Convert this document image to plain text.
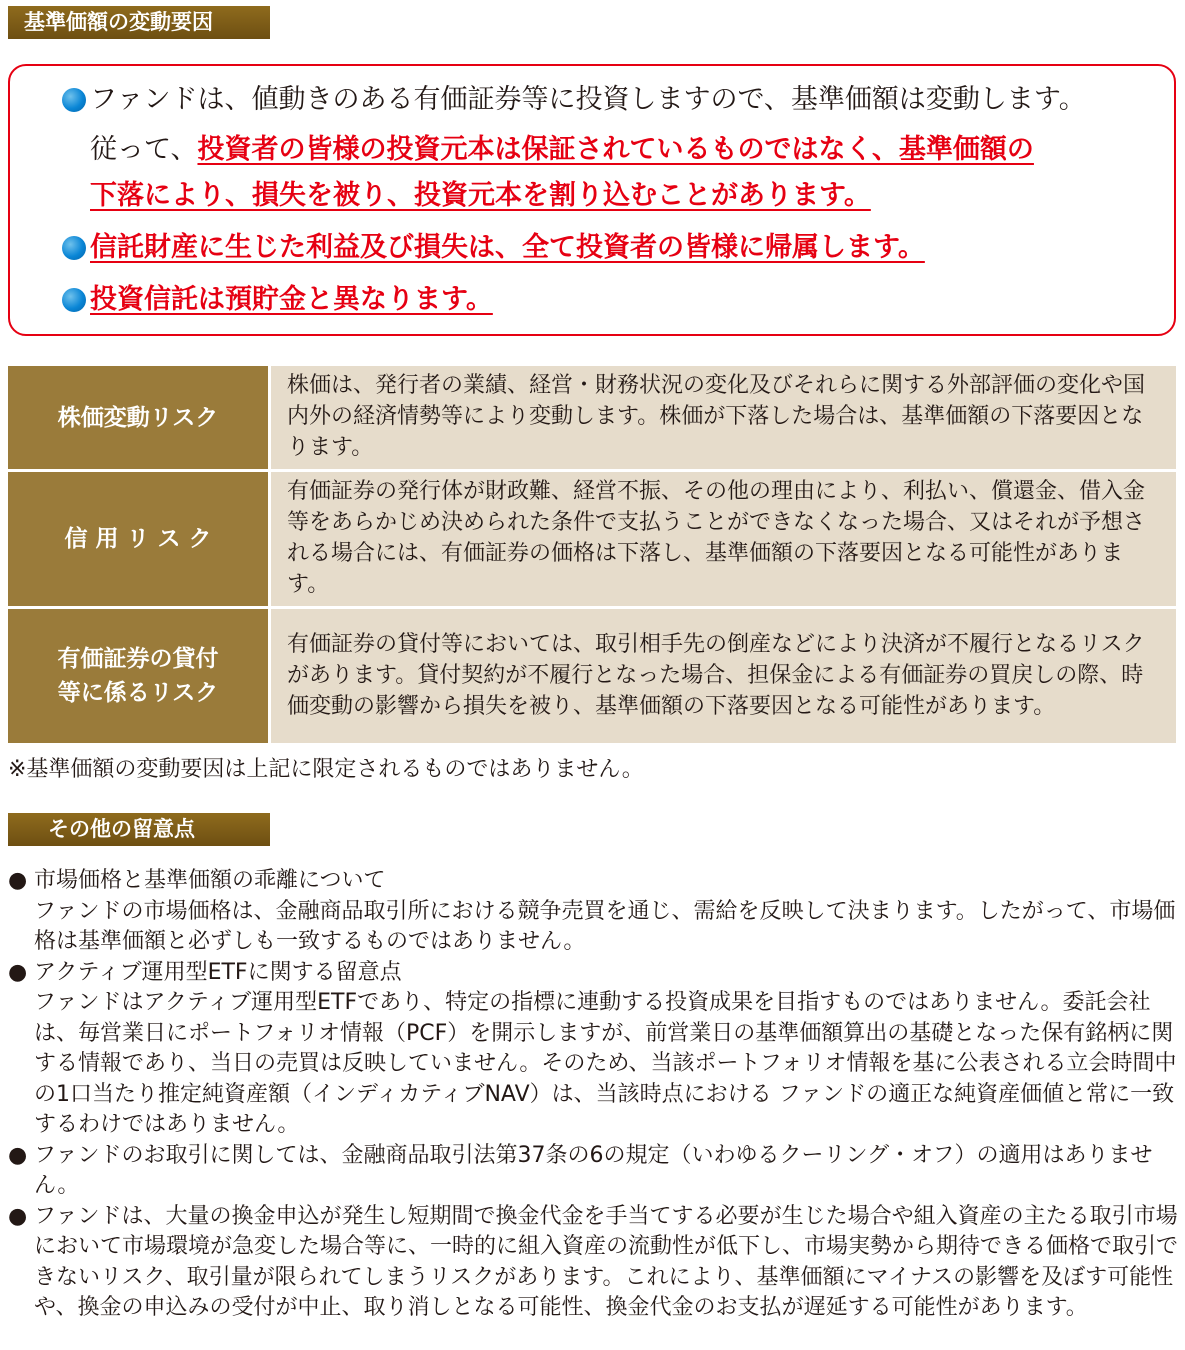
基準価額の変動要因
ファンドは、値動きのある有価証券等に投資しますので、基準価額は変動します。
従って、投資者の皆様の投資元本は保証されているものではなく、基準価額の
下落により、損失を被り、投資元本を割り込むことがあります。
信託財産に生じた利益及び損失は、全て投資者の皆様に帰属します。
投資信託は預貯金と異なります。
株価変動リスク	株価は、発行者の業績、経営・財務状況の変化及びそれらに関する外部評価の変化や国内外の経済情勢等により変動します。株価が下落した場合は、基準価額の下落要因となります。

信 用 リ ス ク	有価証券の発行体が財政難、経営不振、その他の理由により、利払い、償還金、借入金等をあらかじめ決められた条件で支払うことができなくなった場合、又はそれが予想される場合には、有価証券の価格は下落し、基準価額の下落要因となる可能性があります。

有価証券の貸付
等に係るリスク	有価証券の貸付等においては、取引相手先の倒産などにより決済が不履行となるリスクがあります。貸付契約が不履行となった場合、担保金による有価証券の買戻しの際、時価変動の影響から損失を被り、基準価額の下落要因となる可能性があります。
※基準価額の変動要因は上記に限定されるものではありません。
その他の留意点
● 市場価格と基準価額の乖離について
ファンドの市場価格は、金融商品取引所における競争売買を通じ、需給を反映して決まります。したがって、市場価格は基準価額と必ずしも一致するものではありません。
● アクティブ運用型ETFに関する留意点
ファンドはアクティブ運用型ETFであり、特定の指標に連動する投資成果を目指すものではありません。委託会社は、毎営業日にポートフォリオ情報（PCF）を開示しますが、前営業日の基準価額算出の基礎となった保有銘柄に関する情報であり、当日の売買は反映していません。そのため、当該ポートフォリオ情報を基に公表される立会時間中の1口当たり推定純資産額（インディカティブNAV）は、当該時点における ファンドの適正な純資産価値と常に一致するわけではありません。
● ファンドのお取引に関しては、金融商品取引法第37条の6の規定（いわゆるクーリング・オフ）の適用はありません。
● ファンドは、大量の換金申込が発生し短期間で換金代金を手当てする必要が生じた場合や組入資産の主たる取引市場において市場環境が急変した場合等に、一時的に組入資産の流動性が低下し、市場実勢から期待できる価格で取引できないリスク、取引量が限られてしまうリスクがあります。これにより、基準価額にマイナスの影響を及ぼす可能性や、換金の申込みの受付が中止、取り消しとなる可能性、換金代金のお支払が遅延する可能性があります。
